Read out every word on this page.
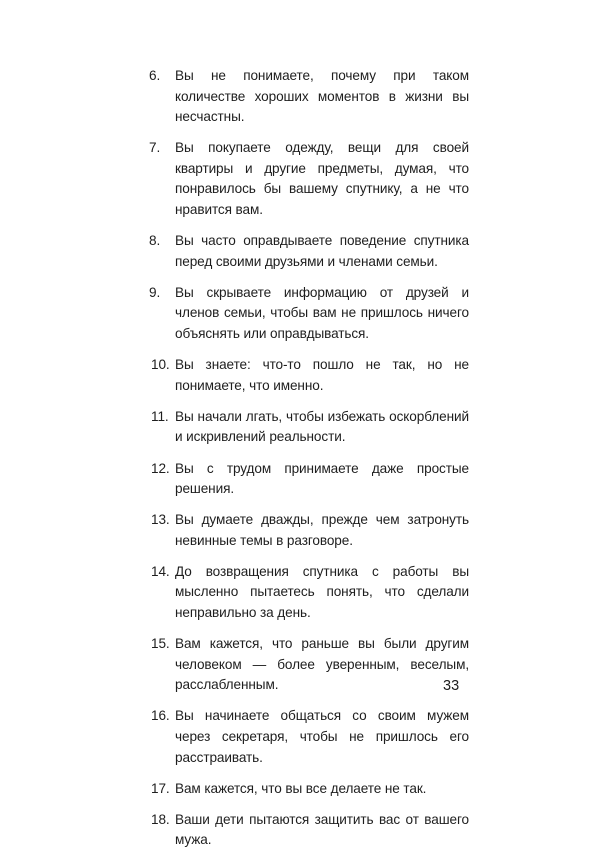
6. Вы не понимаете, почему при таком количестве хороших моментов в жизни вы несчастны.
7. Вы покупаете одежду, вещи для своей квартиры и другие предметы, думая, что понравилось бы вашему спутнику, а не что нравится вам.
8. Вы часто оправдываете поведение спутника перед своими друзьями и членами семьи.
9. Вы скрываете информацию от друзей и членов семьи, чтобы вам не пришлось ничего объяснять или оправдываться.
10. Вы знаете: что-то пошло не так, но не понимаете, что именно.
11. Вы начали лгать, чтобы избежать оскорблений и искривлений реальности.
12. Вы с трудом принимаете даже простые решения.
13. Вы думаете дважды, прежде чем затронуть невинные темы в разговоре.
14. До возвращения спутника с работы вы мысленно пытаетесь понять, что сделали неправильно за день.
15. Вам кажется, что раньше вы были другим человеком — более уверенным, веселым, расслабленным.
16. Вы начинаете общаться со своим мужем через секретаря, чтобы не пришлось его расстраивать.
17. Вам кажется, что вы все делаете не так.
18. Ваши дети пытаются защитить вас от вашего мужа.
33
